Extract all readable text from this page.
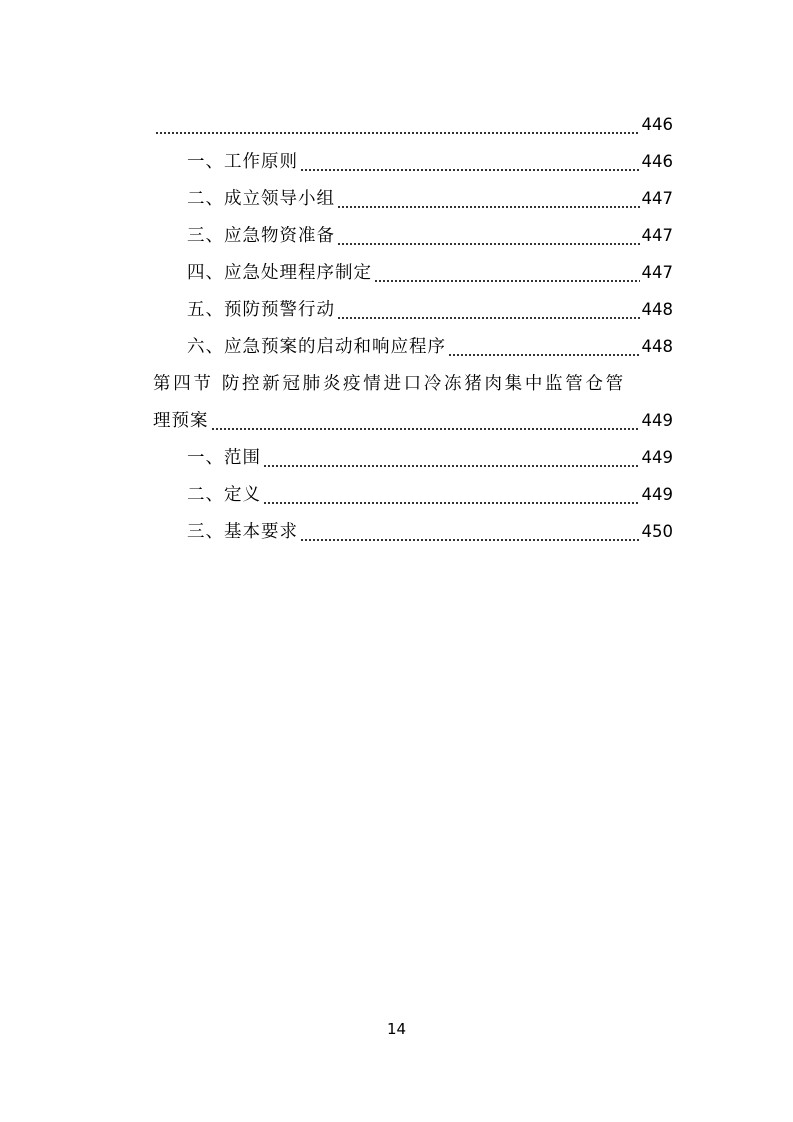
446
一、工作原则	446
二、成立领导小组	447
三、应急物资准备	447
四、应急处理程序制定	447
五、预防预警行动	448
六、应急预案的启动和响应程序	448
第四节 防控新冠肺炎疫情进口冷冻猪肉集中监管仓管
理预案	449
一、范围	449
二、定义	449
三、基本要求	450
14
